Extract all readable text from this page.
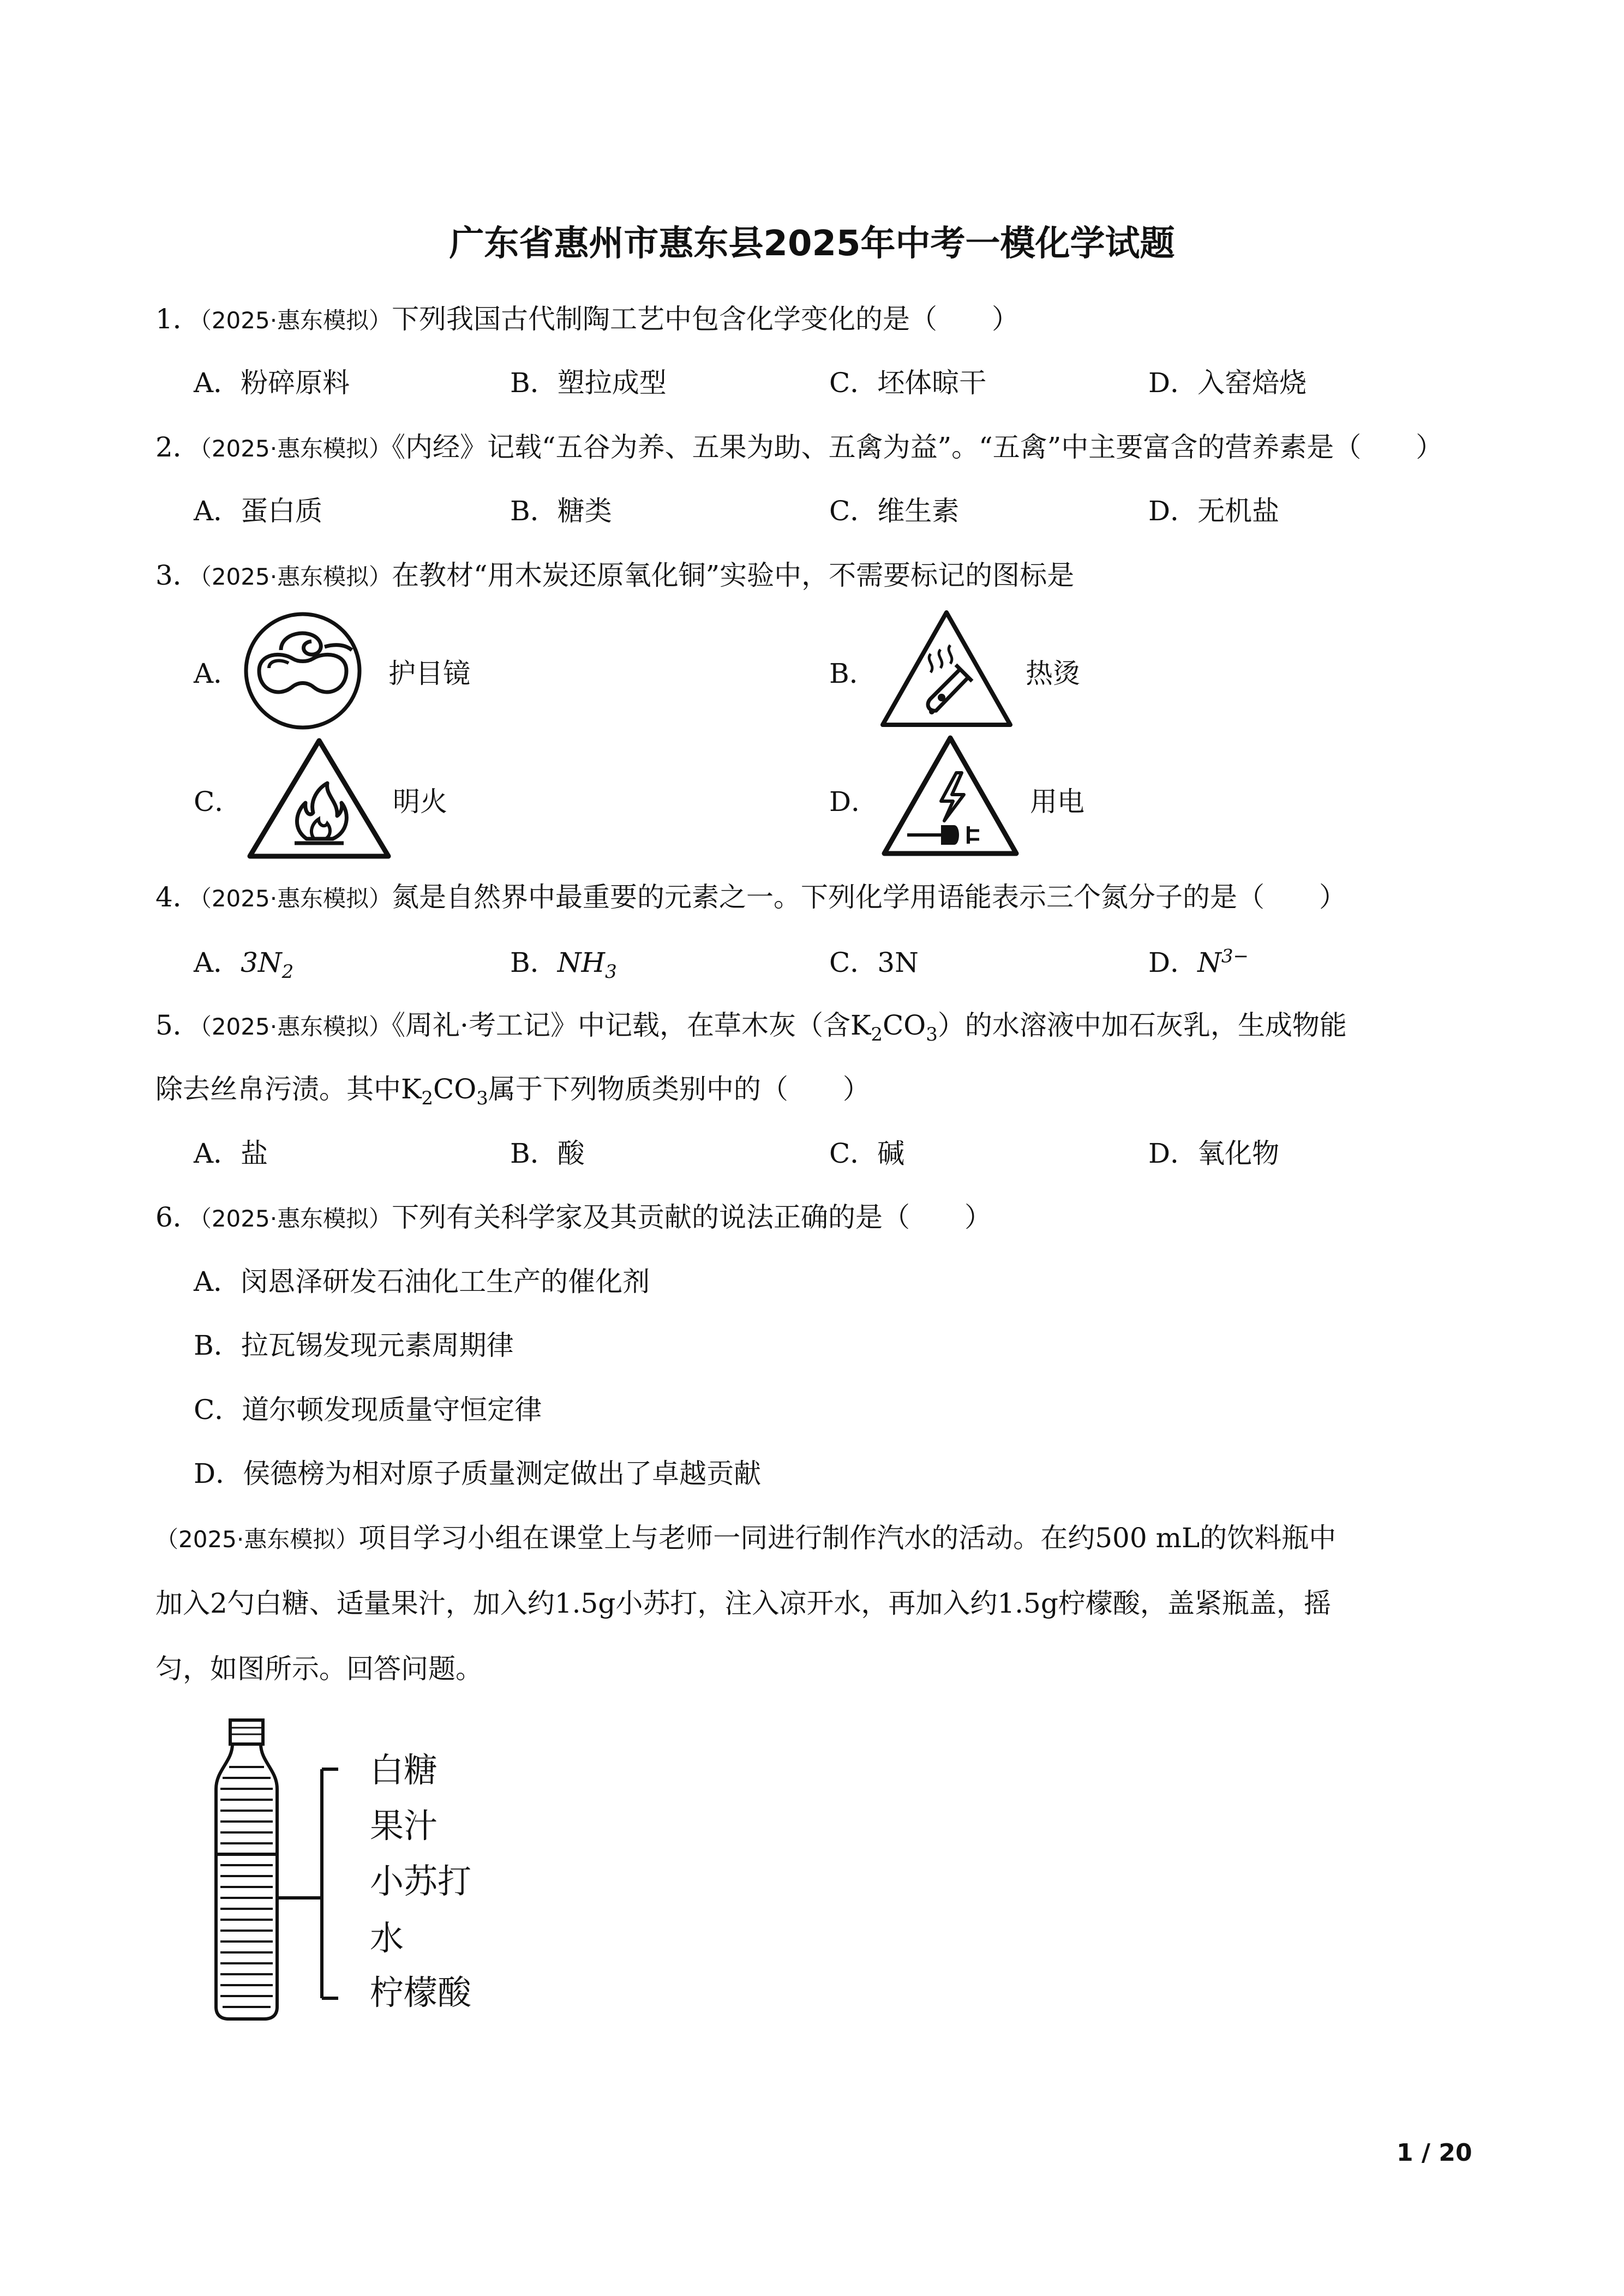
广东省惠州市惠东县2025年中考一模化学试题
1．（2025·惠东模拟）下列我国古代制陶工艺中包含化学变化的是（　　）
A．粉碎原料	B．塑拉成型	C．坯体晾干	D．入窑焙烧
2．（2025·惠东模拟）《内经》记载“五谷为养、五果为助、五禽为益”。“五禽”中主要富含的营养素是（　　）
A．蛋白质	B．糖类	C．维生素	D．无机盐
3．（2025·惠东模拟）在教材“用木炭还原氧化铜”实验中，不需要标记的图标是
A．	护目镜	B．	热烫
C．	明火	D．	用电
4．（2025·惠东模拟）氮是自然界中最重要的元素之一。下列化学用语能表示三个氮分子的是（　　）
A．$3N_2$	B．$NH_3$	C．3N	D．$N^{3-}$
5．（2025·惠东模拟）《周礼·考工记》中记载，在草木灰（含$K_2CO_3$）的水溶液中加石灰乳，生成物能
除去丝帛污渍。其中$K_2CO_3$属于下列物质类别中的（　　）
A．盐	B．酸	C．碱	D．氧化物
6．（2025·惠东模拟）下列有关科学家及其贡献的说法正确的是（　　）
A．闵恩泽研发石油化工生产的催化剂
B．拉瓦锡发现元素周期律
C．道尔顿发现质量守恒定律
D．侯德榜为相对原子质量测定做出了卓越贡献
（2025·惠东模拟）项目学习小组在课堂上与老师一同进行制作汽水的活动。在约500 mL的饮料瓶中
加入2勺白糖、适量果汁，加入约1.5g小苏打，注入凉开水，再加入约1.5g柠檬酸，盖紧瓶盖，摇
匀，如图所示。回答问题。
白糖
果汁
小苏打
水
柠檬酸
1 / 20
